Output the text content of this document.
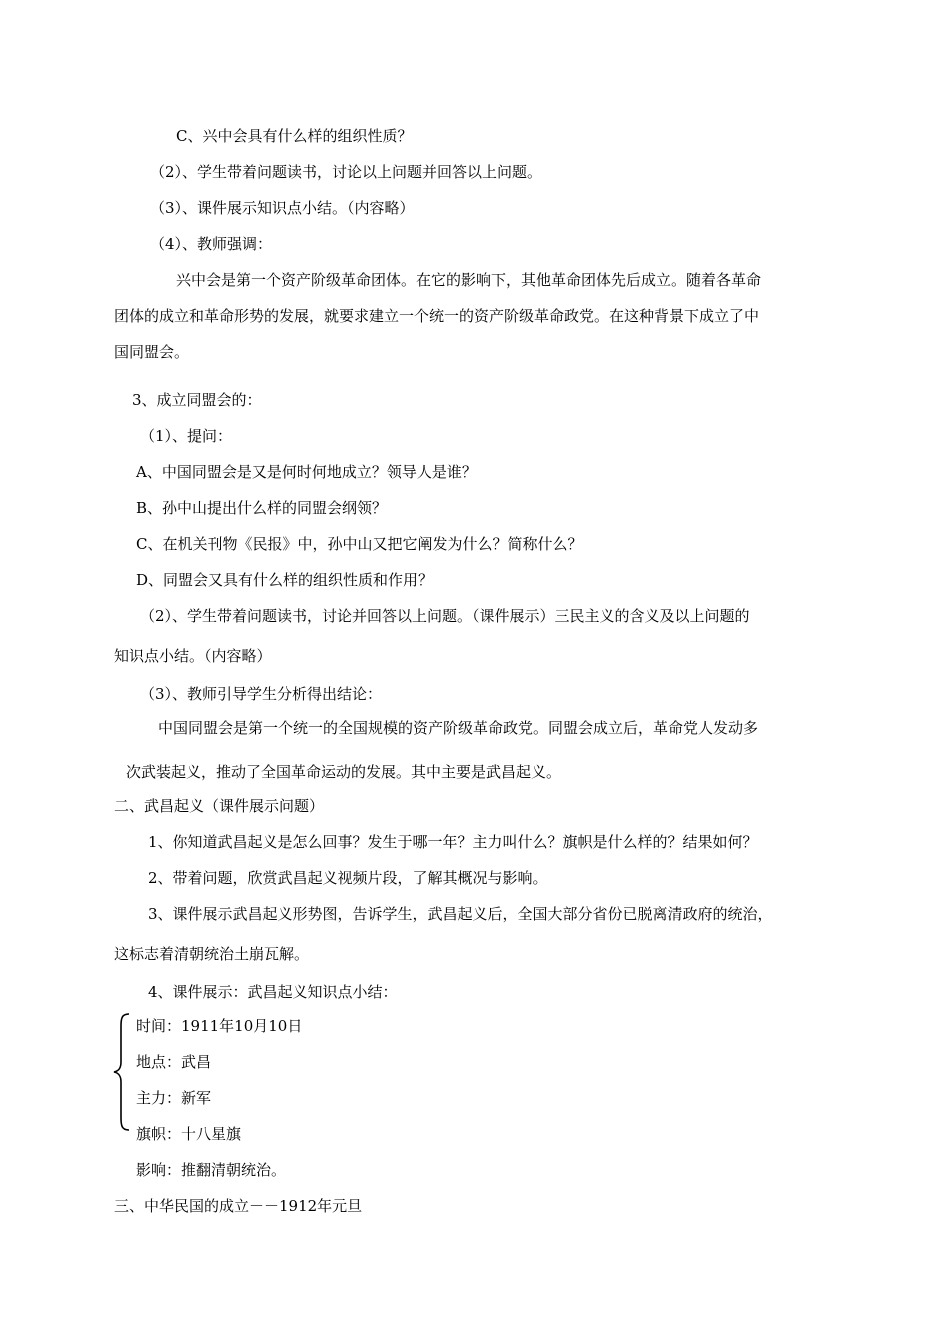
C、兴中会具有什么样的组织性质？
（2）、学生带着问题读书，讨论以上问题并回答以上问题。
（3）、课件展示知识点小结。（内容略）
（4）、教师强调：
兴中会是第一个资产阶级革命团体。在它的影响下，其他革命团体先后成立。随着各革命
团体的成立和革命形势的发展，就要求建立一个统一的资产阶级革命政党。在这种背景下成立了中
国同盟会。
3、成立同盟会的：
（1）、提问：
A、中国同盟会是又是何时何地成立？领导人是谁？
B、孙中山提出什么样的同盟会纲领？
C、在机关刊物《民报》中，孙中山又把它阐发为什么？简称什么？
D、同盟会又具有什么样的组织性质和作用？
（2）、学生带着问题读书，讨论并回答以上问题。（课件展示）三民主义的含义及以上问题的
知识点小结。（内容略）
（3）、教师引导学生分析得出结论：
中国同盟会是第一个统一的全国规模的资产阶级革命政党。同盟会成立后，革命党人发动多
次武装起义，推动了全国革命运动的发展。其中主要是武昌起义。
二、武昌起义（课件展示问题）
1、你知道武昌起义是怎么回事？发生于哪一年？主力叫什么？旗帜是什么样的？结果如何？
2、带着问题，欣赏武昌起义视频片段，了解其概况与影响。
3、课件展示武昌起义形势图，告诉学生，武昌起义后，全国大部分省份已脱离清政府的统治，
这标志着清朝统治土崩瓦解。
4、课件展示：武昌起义知识点小结：
时间：1911年10月10日
地点：武昌
主力：新军
旗帜：十八星旗
影响：推翻清朝统治。
三、中华民国的成立－－1912年元旦
